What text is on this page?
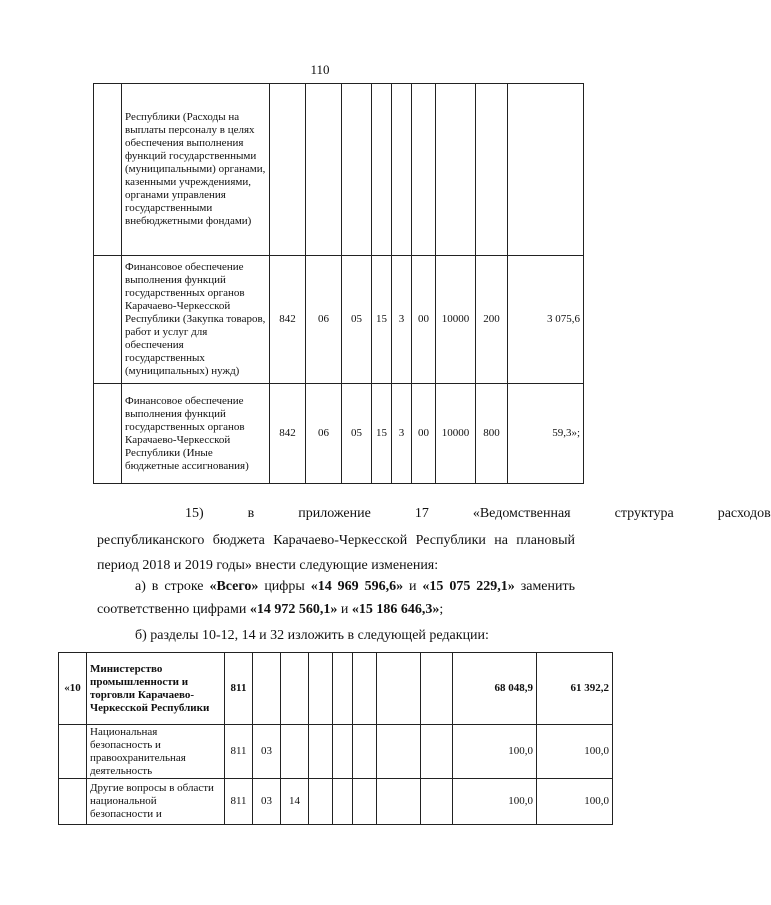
110
	Республики (Расходы на выплаты персоналу в целях обеспечения выполнения функций государственными (муниципальными) органами, казенными учреждениями, органами управления государственными внебюджетными фондами)									
	Финансовое обеспечение выполнения функций государственных органов Карачаево-Черкесской Республики (Закупка товаров, работ и услуг для обеспечения государственных (муниципальных) нужд)	842	06	05	15	3	00	10000	200	3 075,6
	Финансовое обеспечение выполнения функций государственных органов Карачаево-Черкесской Республики (Иные бюджетные ассигнования)	842	06	05	15	3	00	10000	800	59,3»;
15)	в	приложение	17	«Ведомственная	структура	расходов
республиканского бюджета Карачаево-Черкесской Республики на плановый
период 2018 и 2019 годы» внести следующие изменения:
а) в строке «Всего» цифры «14 969 596,6» и «15 075 229,1» заменить
соответственно цифрами «14 972 560,1» и «15 186 646,3»;
б) разделы 10-12, 14 и 32 изложить в следующей редакции:
«10	Министерство промышленности и торговли Карачаево-Черкесской Республики	811								68 048,9	61 392,2
	Национальная безопасность и правоохранительная деятельность	811	03							100,0	100,0
	Другие вопросы в области национальной безопасности и	811	03	14						100,0	100,0
